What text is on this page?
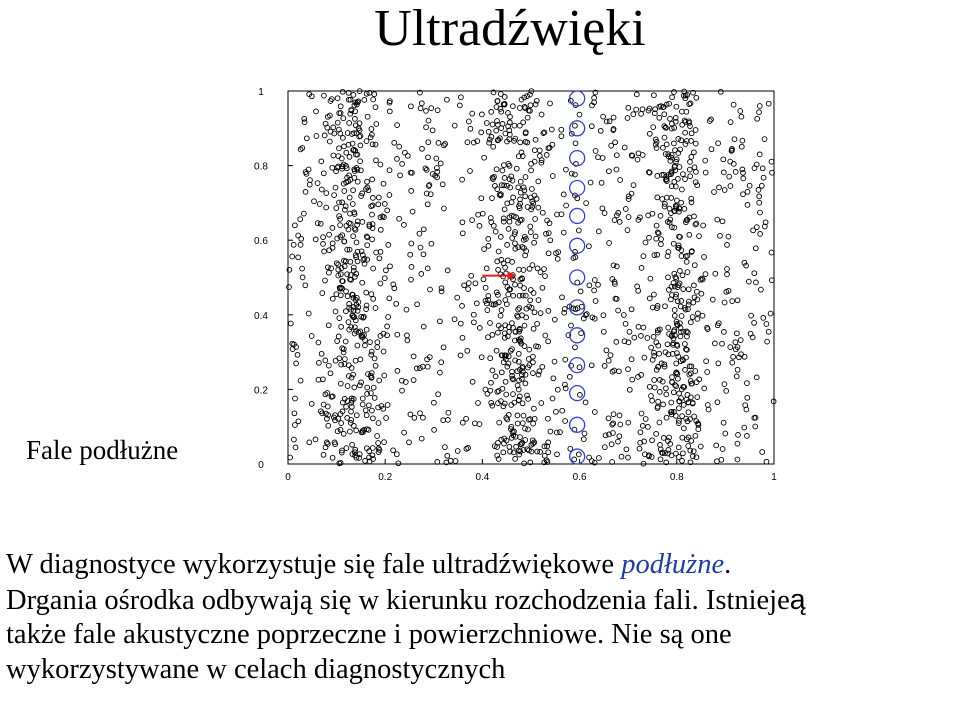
Ultradźwięki
Fale podłużne
0	0.2	0.4	0.6	0.8	1
0
0.2
0.4
0.6
0.8
1
W diagnostyce wykorzystuje się fale ultradźwiękowe podłużne.
Drgania ośrodka odbywają się w kierunku rozchodzenia fali. Istniejeą
także fale akustyczne poprzeczne i powierzchniowe. Nie są one
wykorzystywane w celach diagnostycznych
